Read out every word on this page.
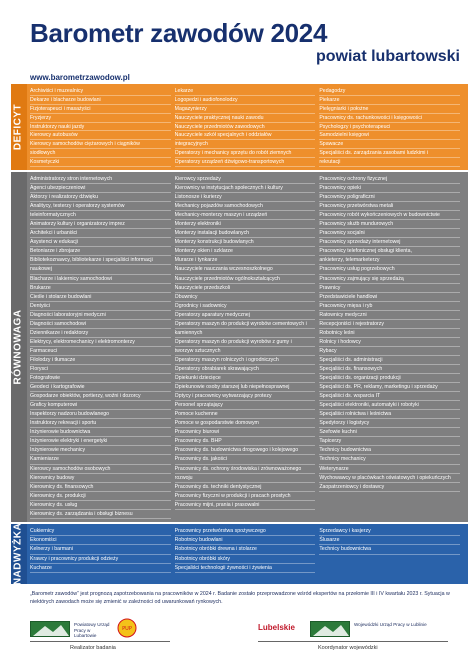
Barometr zawodów 2024
powiat lubartowski
www.barometrzawodow.pl
DEFICYT
Archiwiści i muzealnicy
Dekarze i blacharze budowlani
Fizjoterapeuci i masażyści
Fryzjerzy
Instruktorzy nauki jazdy
Kierowcy autobusów
Kierowcy samochodów ciężarowych i ciągników
siodłowych
Kosmetyczki
Lekarze
Logopedzi i audiofonolodzy
Magazynierzy
Nauczyciele praktycznej nauki zawodu
Nauczyciele przedmiotów zawodowych
Nauczyciele szkół specjalnych i oddziałów
integracyjnych
Operatorzy i mechanicy sprzętu do robót ziemnych
Operatorzy urządzeń dźwigowo-transportowych
Pedagodzy
Piekarze
Pielęgniarki i położne
Pracownicy ds. rachunkowości i księgowości
Psychologzy i psychoterapeuci
Samodzielni księgowi
Spawacze
Specjaliści ds. zarządzania zasobami ludzkimi i
rekrutacji
RÓWNOWAGA
Administratorzy stron internetowych
Agenci ubezpieczeniowi
Aktorzy i realizatorzy dźwięku
Analitycy, testerzy i operatorzy systemów
teleinformatycznych
Animatorzy kultury i organizatorzy imprez
Architekci i urbaniści
Asystenci w edukacji
Betoniarze i zbrojarze
Bibliotekoznawcy, bibliotekarze i specjaliści informacji
naukowej
Blacharze i lakiernicy samochodowi
Brukarze
Cieśle i stolarze budowlani
Dentyści
Diagności laboratoryjni medyczni
Diagności samochodowi
Dziennikarze i redaktorzy
Elektrycy, elektromechanicy i elektromonterzy
Farmaceuci
Filolodzy i tłumacze
Florysci
Fotografowie
Geodeci i kartografowie
Gospodarze obiektów, portierzy, woźni i dozorcy
Graficy komputerowi
Inspektorzy nadzoru budowlanego
Instruktorzy rekreacji i sportu
Inżynierowie budownictwa
Inżynierowie elektryki i energetyki
Inżynierowie mechanicy
Kamieniarze
Kierowcy samochodów osobowych
Kierownicy budowy
Kierownicy ds. finansowych
Kierownicy ds. produkcji
Kierownicy ds. usług
Kierownicy ds. zarządzania i obsługi biznesu
Kierowcy sprzedaży
Kierownicy w instytucjach społecznych i kultury
Listonosze i kurierzy
Mechanicy pojazdów samochodowych
Mechanicy-monterzy maszyn i urządzeń
Monterzy elektroniki
Monterzy instalacji budowlanych
Monterzy konstrukcji budowlanych
Monterzy okien i szklarze
Murarze i tynkarze
Nauczyciele nauczania wczesnoszkolnego
Nauczyciele przedmiotów ogólnokształcących
Nauczyciele przedszkoli
Obuwnicy
Ogrodnicy i sadownicy
Operatorzy aparatury medycznej
Operatorzy maszyn do produkcji wyrobów cementowych i
kamiennych
Operatorzy maszyn do produkcji wyrobów z gumy i
tworzyw sztucznych
Operatorzy maszyn rolniczych i ogrodniczych
Operatorzy obrabiarek skrawających
Opiekunki dziecięce
Opiekunowie osoby starszej lub niepełnosprawnej
Optycy i pracownicy wytwarzający protezy
Personel sprzątający
Pomoce kuchenne
Pomoce w gospodarstwie domowym
Pracownicy biurowi
Pracownicy ds. BHP
Pracownicy ds. budownictwa drogowego i kolejowego
Pracownicy ds. jakości
Pracownicy ds. ochrony środowiska i zrównoważonego
rozwoju
Pracownicy ds. techniki dentystycznej
Pracownicy fizyczni w produkcji i pracach prostych
Pracownicy mijni, prania i prasowalni
Pracownicy ochrony fizycznej
Pracownicy opieki
Pracownicy poligraficzni
Pracownicy przetwórstwa metali
Pracownicy robót wykończeniowych w budownictwie
Pracownicy służb mundurowych
Pracownicy socjalni
Pracownicy sprzedaży internetowej
Pracownicy telefonicznej obsługi klienta,
ankieterzy, telemarketerzy
Pracownicy usług pogrzebowych
Pracownicy zajmujący się sprzedażą
Prawnicy
Przedstawiciele handlowi
Pracownicy mięsa i ryb
Ratownicy medyczni
Recepcjoniści i rejestratorzy
Robotnicy leśni
Rolnicy i hodowcy
Rybacy
Specjaliści ds. administracji
Specjaliści ds. finansowych
Specjaliści ds. organizacji produkcji
Specjaliści ds. PR, reklamy, marketingu i sprzedaży
Specjaliści ds. wsparcia IT
Specjaliści elektroniki, automatyki i robotyki
Specjaliści rolnictwa i leśnictwa
Spedytorzy i logistycy
Szefowie kuchni
Tapicerzy
Technicy budownictwa
Technicy mechanicy
Weterynarze
Wychowawcy w placówkach oświatowych i opiekuńczych
Zaopatrzeniowcy i dostawcy
NADWYŻKA Cukiernicy
Ekonomiści
Kelnerzy i barmani
Krawcy i pracownicy produkcji odzieży
Kucharze
Pracownicy przetwórstwa spożywczego
Robotnicy budowlani
Robotnicy obróbki drewna i stolarze
Robotnicy obróbki skóry
Specjaliści technologii żywności i żywienia
Sprzedawcy i kasjerzy
Ślusarze
Technicy budownictwa
„Barometr zawodów” jest prognozą zapotrzebowania na pracowników w 2024 r. Badanie zostało przeprowadzone wśród ekspertów na przełomie III i IV kwartału 2023 r. Sytuacja w niektórych zawodach może się zmienić w zależności od uwarunkowań rynkowych.
Powiatowy Urząd Pracy w Lubartowie
PUP	Lubelskie	Wojewódzki Urząd Pracy w Lublinie
Realizator badania	Koordynator wojewódzki
